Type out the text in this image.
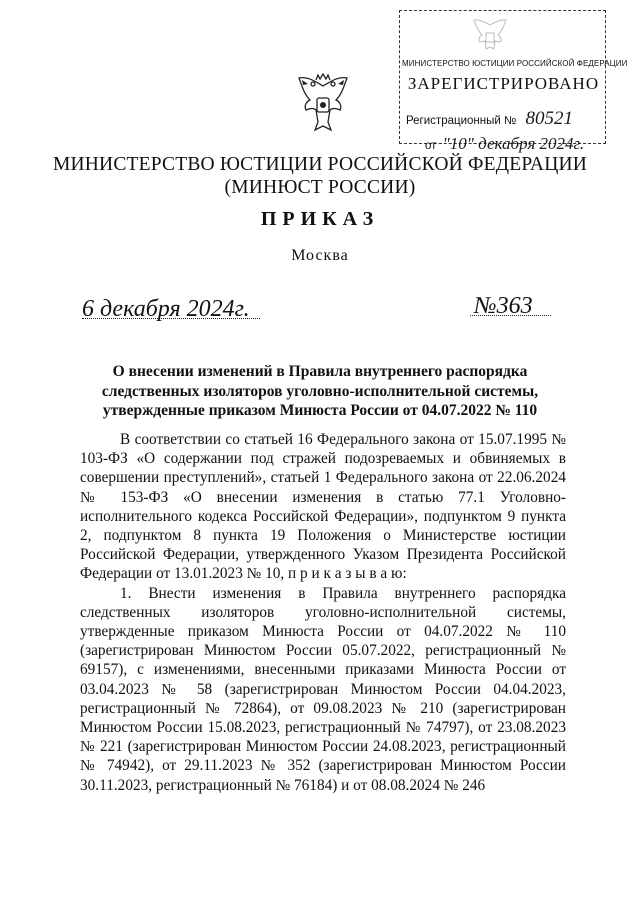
МИНИСТЕРСТВО ЮСТИЦИИ РОССИЙСКОЙ ФЕДЕРАЦИИ
ЗАРЕГИСТРИРОВАНО
Регистрационный № 80521
от "10" декабря 2024г.
МИНИСТЕРСТВО ЮСТИЦИИ РОССИЙСКОЙ ФЕДЕРАЦИИ
(МИНЮСТ РОССИИ)
ПРИКАЗ
Москва
6 декабря 2024г.	№363
О внесении изменений в Правила внутреннего распорядка
следственных изоляторов уголовно-исполнительной системы,
утвержденные приказом Минюста России от 04.07.2022 № 110

В соответствии со статьей 16 Федерального закона от 15.07.1995 № 103-ФЗ «О содержании под стражей подозреваемых и обвиняемых в совершении преступлений», статьей 1 Федерального закона от 22.06.2024 № 153-ФЗ «О внесении изменения в статью 77.1 Уголовно-исполнительного кодекса Российской Федерации», подпунктом 9 пункта 2, подпунктом 8 пункта 19 Положения о Министерстве юстиции Российской Федерации, утвержденного Указом Президента Российской Федерации от 13.01.2023 № 10, п р и к а з ы в а ю:

1. Внести изменения в Правила внутреннего распорядка следственных изоляторов уголовно-исполнительной системы, утвержденные приказом Минюста России от 04.07.2022 № 110 (зарегистрирован Минюстом России 05.07.2022, регистрационный № 69157), с изменениями, внесенными приказами Минюста России от 03.04.2023 № 58 (зарегистрирован Минюстом России 04.04.2023, регистрационный № 72864), от 09.08.2023 № 210 (зарегистрирован Минюстом России 15.08.2023, регистрационный № 74797), от 23.08.2023 № 221 (зарегистрирован Минюстом России 24.08.2023, регистрационный № 74942), от 29.11.2023 № 352 (зарегистрирован Минюстом России 30.11.2023, регистрационный № 76184) и от 08.08.2024 № 246
